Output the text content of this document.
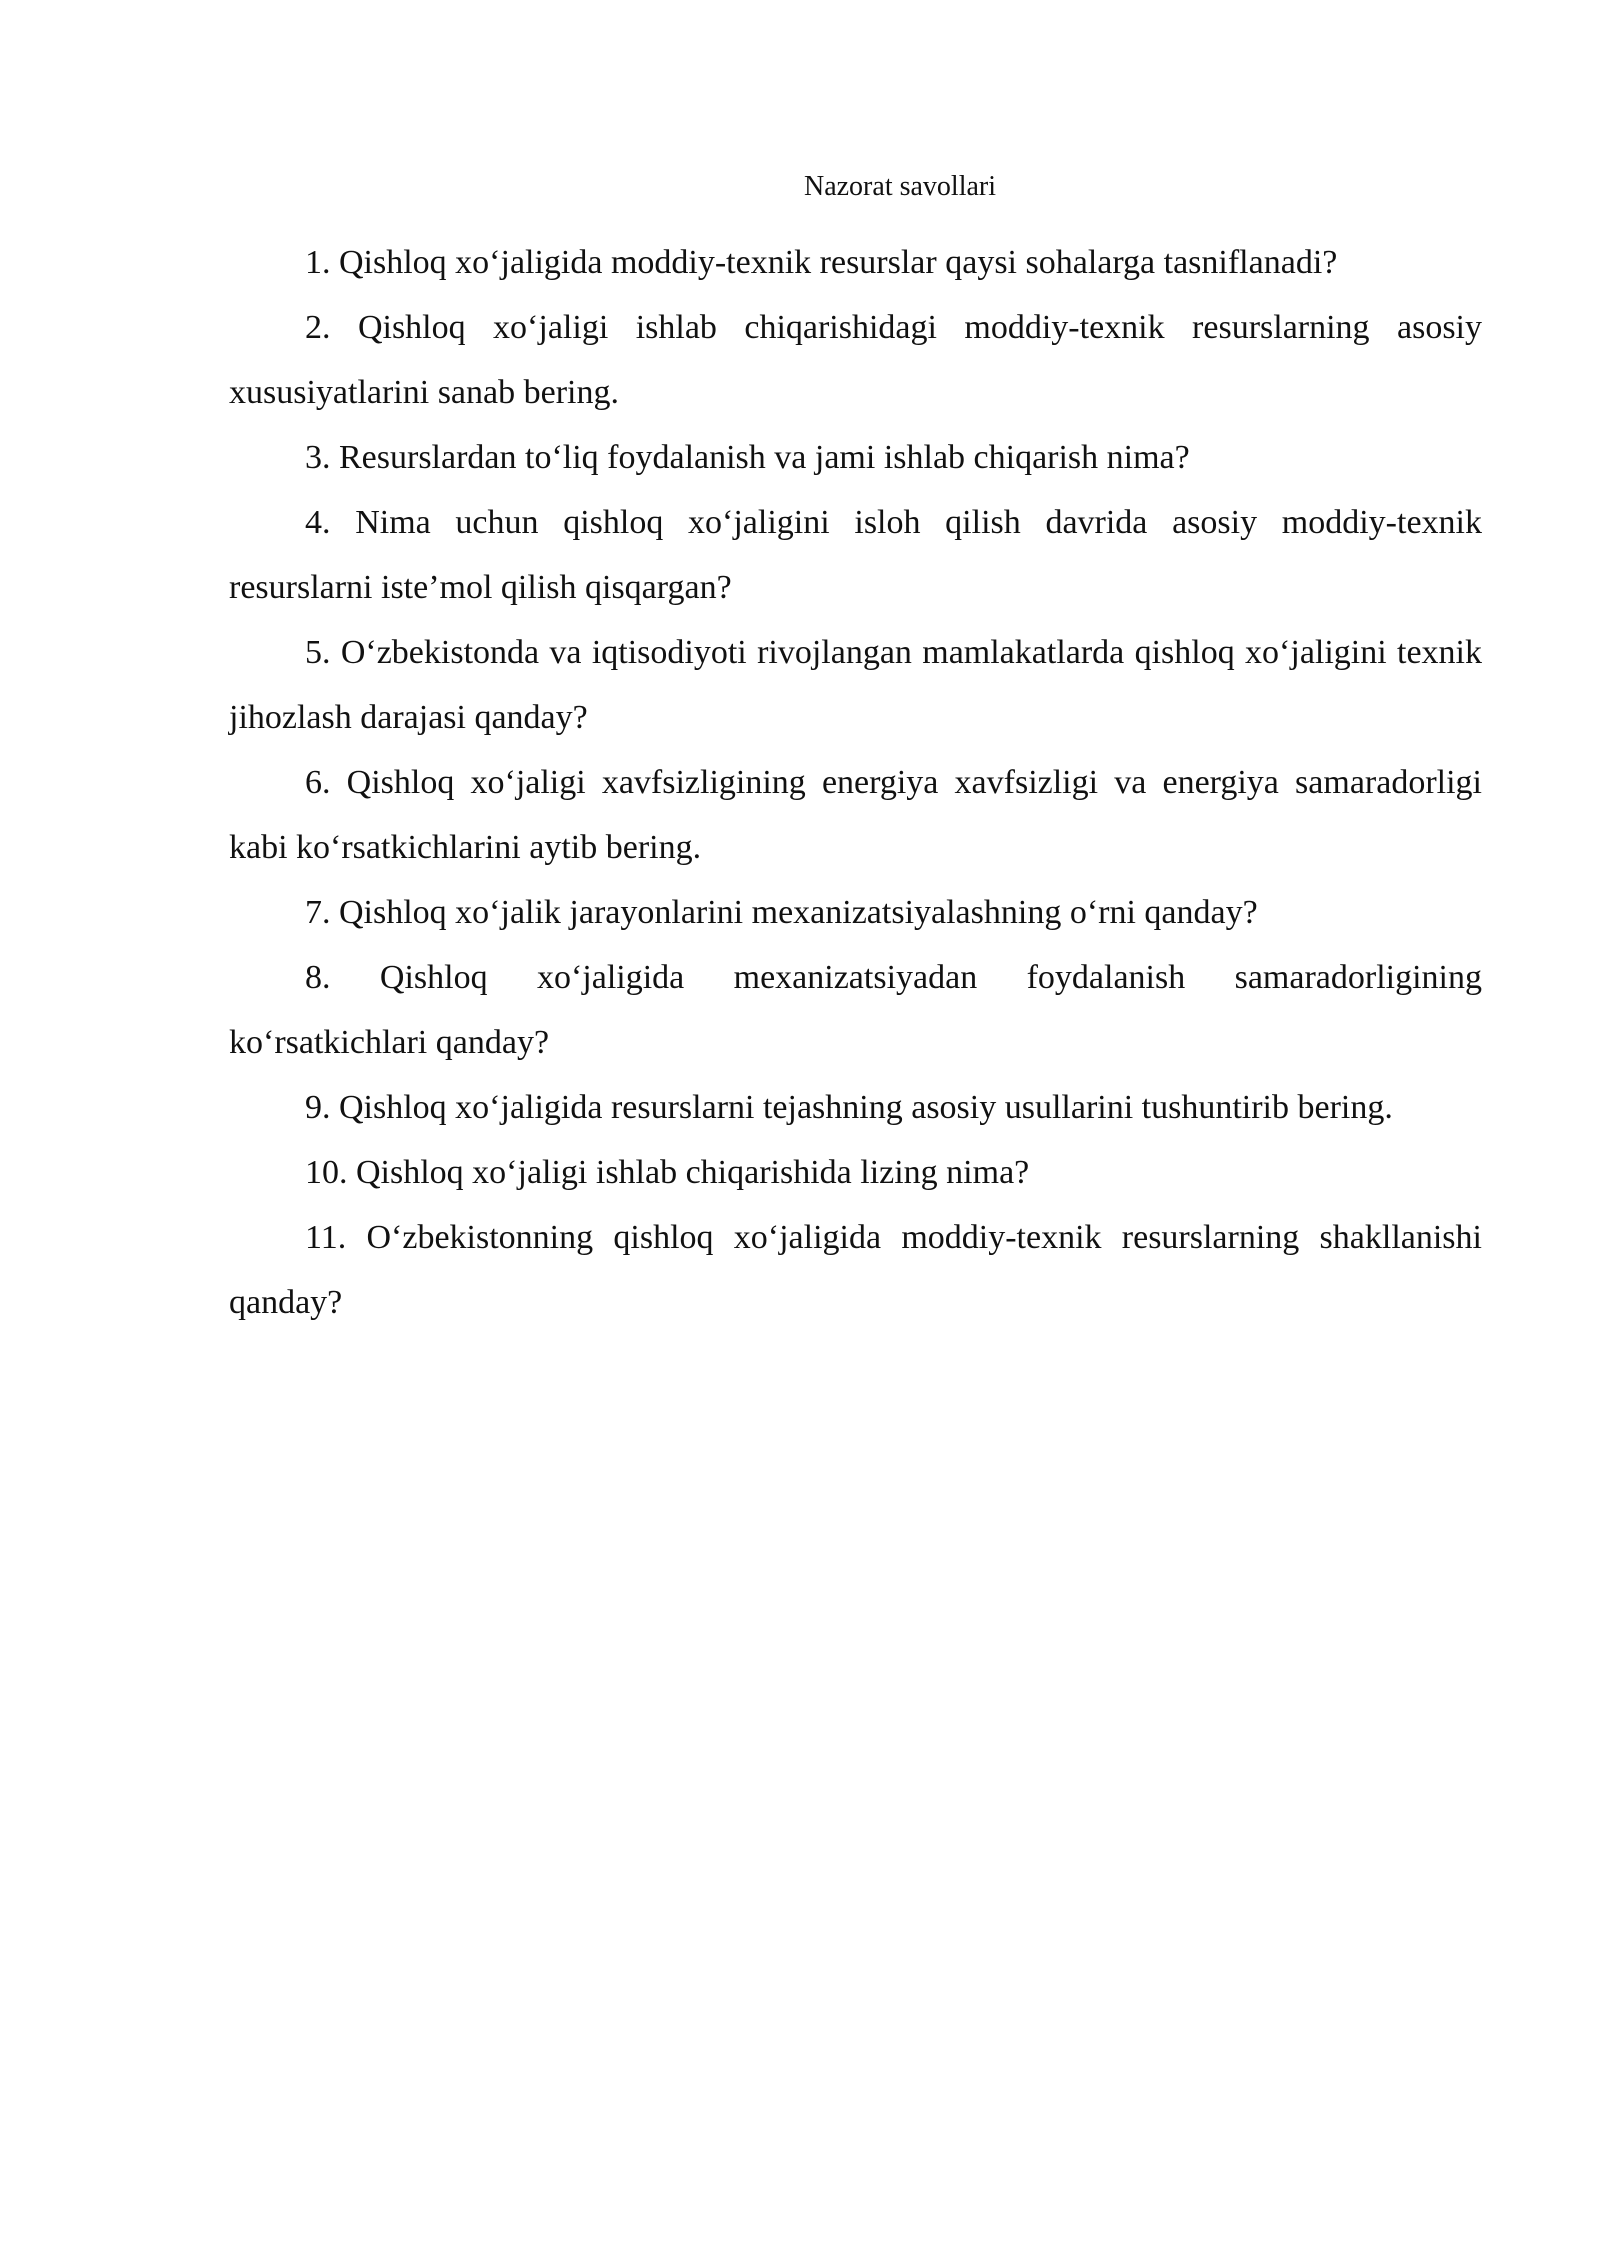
Nazorat savollari
1. Qishloq xo‘jaligida moddiy-texnik resurslar qaysi sohalarga tasniflanadi?
2. Qishloq xo‘jaligi ishlab chiqarishidagi moddiy-texnik resurslarning asosiy xususiyatlarini sanab bering.
3. Resurslardan to‘liq foydalanish va jami ishlab chiqarish nima?
4. Nima uchun qishloq xo‘jaligini isloh qilish davrida asosiy moddiy-texnik resurslarni iste’mol qilish qisqargan?
5. O‘zbekistonda va iqtisodiyoti rivojlangan mamlakatlarda qishloq xo‘jaligini texnik jihozlash darajasi qanday?
6. Qishloq xo‘jaligi xavfsizligining energiya xavfsizligi va energiya samaradorligi kabi ko‘rsatkichlarini aytib bering.
7. Qishloq xo‘jalik jarayonlarini mexanizatsiyalashning o‘rni qanday?
8. Qishloq xo‘jaligida mexanizatsiyadan foydalanish samaradorligining ko‘rsatkichlari qanday?
9. Qishloq xo‘jaligida resurslarni tejashning asosiy usullarini tushuntirib bering.
10. Qishloq xo‘jaligi ishlab chiqarishida lizing nima?
11. O‘zbekistonning qishloq xo‘jaligida moddiy-texnik resurslarning shakllanishi qanday?
